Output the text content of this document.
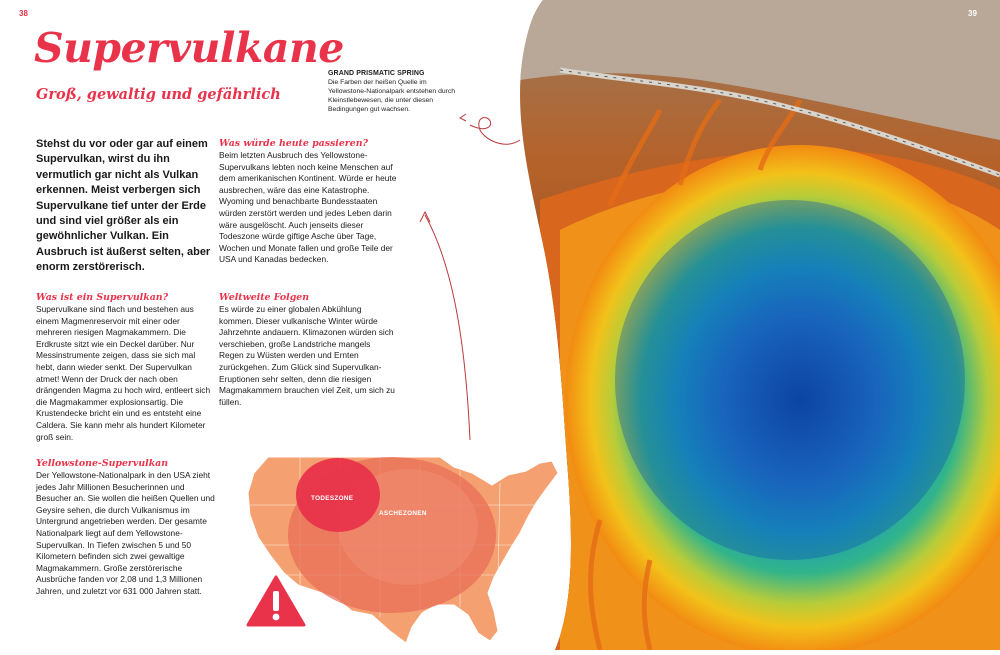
38	39
Supervulkane
Groß, gewaltig und gefährlich
Stehst du vor oder gar auf einem Supervulkan, wirst du ihn vermutlich gar nicht als Vulkan erkennen. Meist verbergen sich Supervulkane tief unter der Erde und sind viel größer als ein gewöhnlicher Vulkan. Ein Ausbruch ist äußerst selten, aber enorm zerstörerisch.
Was ist ein Supervulkan?

Supervulkane sind flach und bestehen aus einem Magmenreservoir mit einer oder mehreren riesigen Magmakammern. Die Erdkruste sitzt wie ein Deckel darüber. Nur Messinstrumente zeigen, dass sie sich mal hebt, dann wieder senkt. Der Supervulkan atmet! Wenn der Druck der nach oben drängenden Magma zu hoch wird, entleert sich die Magmakammer explosionsartig. Die Krustendecke bricht ein und es entsteht eine Caldera. Sie kann mehr als hundert Kilometer groß sein.

Yellowstone-Supervulkan

Der Yellowstone-Nationalpark in den USA zieht jedes Jahr Millionen Besucherinnen und Besucher an. Sie wollen die heißen Quellen und Geysire sehen, die durch Vulkanismus im Untergrund angetrieben werden. Der gesamte Nationalpark liegt auf dem Yellowstone-Supervulkan. In Tiefen zwischen 5 und 50 Kilometern befinden sich zwei gewaltige Magmakammern. Große zerstörerische Ausbrüche fanden vor 2,08 und 1,3 Millionen Jahren, und zuletzt vor 631 000 Jahren statt.

Was würde heute passieren?

Beim letzten Ausbruch des Yellowstone-Supervulkans lebten noch keine Menschen auf dem amerikanischen Kontinent. Würde er heute ausbrechen, wäre das eine Katastrophe. Wyoming und benachbarte Bundesstaaten würden zerstört werden und jedes Leben darin wäre ausgelöscht. Auch jenseits dieser Todeszone würde giftige Asche über Tage, Wochen und Monate fallen und große Teile der USA und Kanadas bedecken.

Weltweite Folgen

Es würde zu einer globalen Abkühlung kommen. Dieser vulkanische Winter würde Jahrzehnte andauern. Klimazonen würden sich verschieben, große Landstriche mangels Regen zu Wüsten werden und Ernten zurückgehen. Zum Glück sind Supervulkan-Eruptionen sehr selten, denn die riesigen Magmakammern brauchen viel Zeit, um sich zu füllen.

GRAND PRISMATIC SPRING
Die Farben der heißen Quelle im Yellowstone-Nationalpark entstehen durch Kleinstlebewesen, die unter diesen Bedingungen gut wachsen.
TODESZONE
ASCHEZONEN
